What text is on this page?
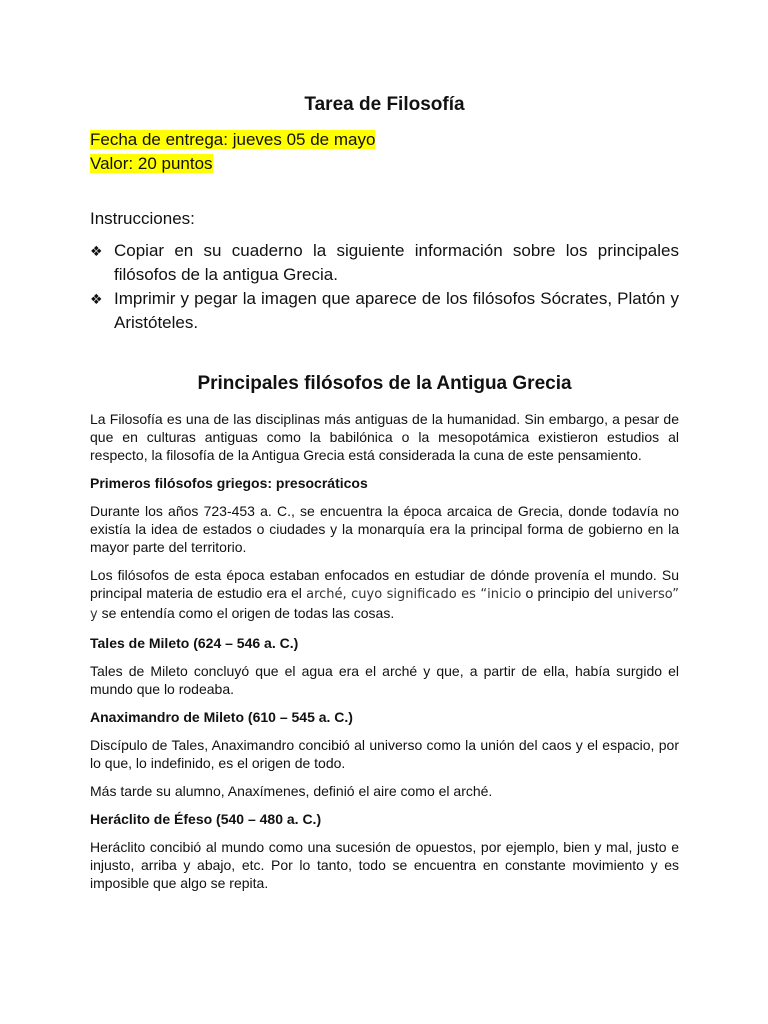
Tarea de Filosofía
Fecha de entrega: jueves 05 de mayo
Valor: 20 puntos
Instrucciones:
❖ Copiar en su cuaderno la siguiente información sobre los principales filósofos de la antigua Grecia.
❖ Imprimir y pegar la imagen que aparece de los filósofos Sócrates, Platón y Aristóteles.
Principales filósofos de la Antigua Grecia

La Filosofía es una de las disciplinas más antiguas de la humanidad. Sin embargo, a pesar de que en culturas antiguas como la babilónica o la mesopotámica existieron estudios al respecto, la filosofía de la Antigua Grecia está considerada la cuna de este pensamiento.

Primeros filósofos griegos: presocráticos

Durante los años 723-453 a. C., se encuentra la época arcaica de Grecia, donde todavía no existía la idea de estados o ciudades y la monarquía era la principal forma de gobierno en la mayor parte del territorio.

Los filósofos de esta época estaban enfocados en estudiar de dónde provenía el mundo. Su principal materia de estudio era el arché, cuyo significado es “inicio o principio del universo” y se entendía como el origen de todas las cosas.

Tales de Mileto (624 – 546 a. C.)

Tales de Mileto concluyó que el agua era el arché y que, a partir de ella, había surgido el mundo que lo rodeaba.

Anaximandro de Mileto (610 – 545 a. C.)

Discípulo de Tales, Anaximandro concibió al universo como la unión del caos y el espacio, por lo que, lo indefinido, es el origen de todo.

Más tarde su alumno, Anaxímenes, definió el aire como el arché.

Heráclito de Éfeso (540 – 480 a. C.)

Heráclito concibió al mundo como una sucesión de opuestos, por ejemplo, bien y mal, justo e injusto, arriba y abajo, etc. Por lo tanto, todo se encuentra en constante movimiento y es imposible que algo se repita.
